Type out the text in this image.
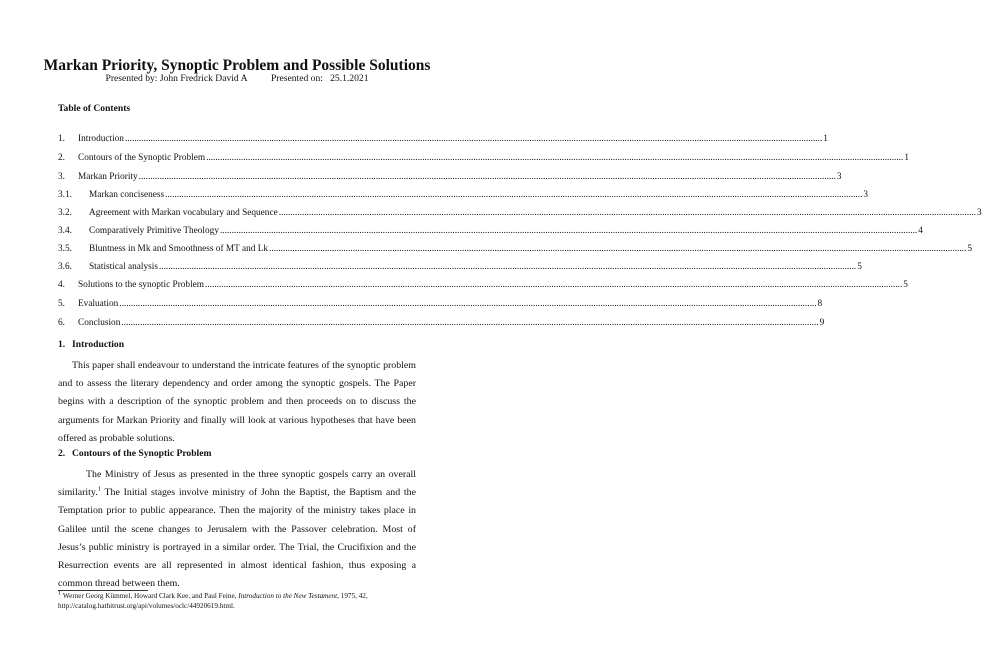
Markan Priority, Synoptic Problem and Possible Solutions
Presented by: John Fredrick David A          Presented on:   25.1.2021
Table of Contents
1.	Introduction ............................................................................................................................................................................................................................................................................................................ 1
2.	Contours of the Synoptic Problem ............................................................................................................................................................................................................................................................................................................ 1
3.	Markan Priority ............................................................................................................................................................................................................................................................................................................ 3
3.1.	Markan conciseness ............................................................................................................................................................................................................................................................................................................ 3
3.2.	Agreement with Markan vocabulary and Sequence ............................................................................................................................................................................................................................................................................................................ 3
3.4.	Comparatively Primitive Theology ............................................................................................................................................................................................................................................................................................................ 4
3.5.	Bluntness in Mk and Smoothness of MT and Lk ............................................................................................................................................................................................................................................................................................................ 5
3.6.	Statistical analysis ............................................................................................................................................................................................................................................................................................................ 5
4.	Solutions to the synoptic Problem ............................................................................................................................................................................................................................................................................................................ 5
5.	Evaluation ............................................................................................................................................................................................................................................................................................................ 8
6.	Conclusion ............................................................................................................................................................................................................................................................................................................ 9
1. Introduction

This paper shall endeavour to understand the intricate features of the synoptic problem and to assess the literary dependency and order among the synoptic gospels. The Paper begins with a description of the synoptic problem and then proceeds on to discuss the arguments for Markan Priority and finally will look at various hypotheses that have been offered as probable solutions.

2. Contours of the Synoptic Problem

The Ministry of Jesus as presented in the three synoptic gospels carry an overall similarity.$^1$ The Initial stages involve ministry of John the Baptist, the Baptism and the Temptation prior to public appearance. Then the majority of the ministry takes place in Galilee until the scene changes to Jerusalem with the Passover celebration. Most of Jesus’s public ministry is portrayed in a similar order. The Trial, the Crucifixion and the Resurrection events are all represented in almost identical fashion, thus exposing a common thread between them.

$^1$ Werner Georg Kümmel, Howard Clark Kee, and Paul Feine, Introduction to the New Testament, 1975, 42, http://catalog.hathitrust.org/api/volumes/oclc/44920619.html.
